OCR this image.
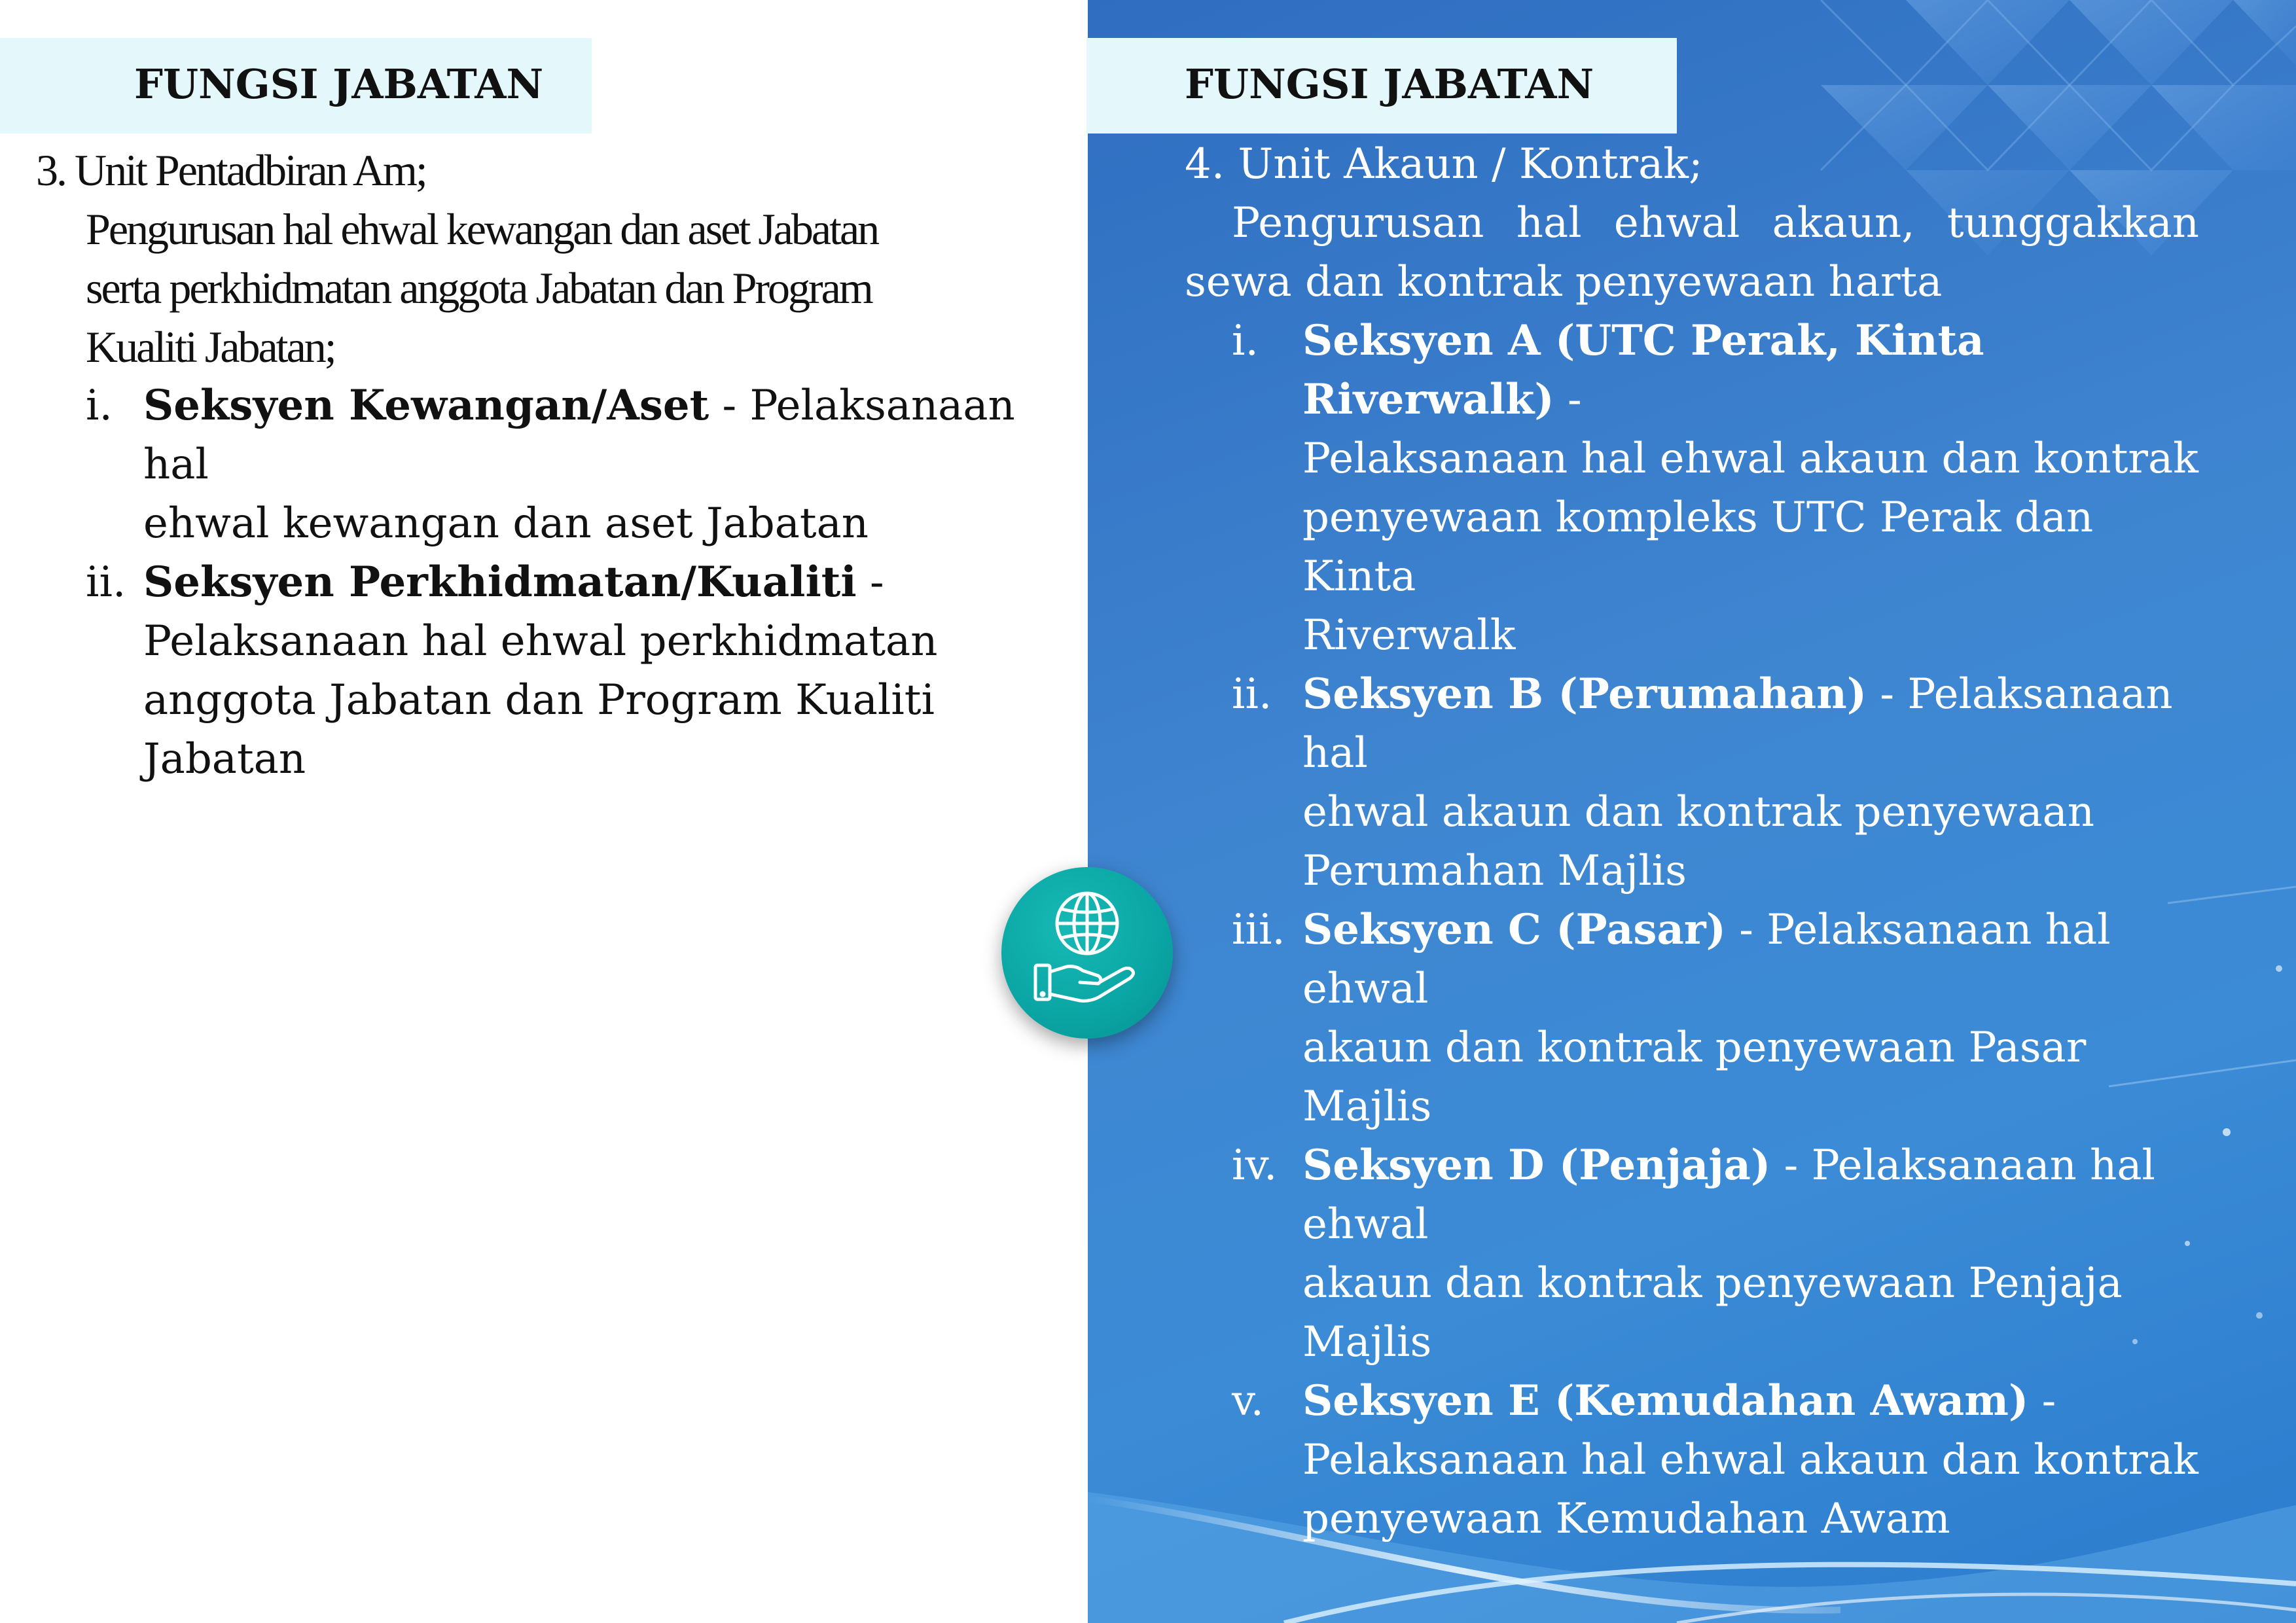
FUNGSI JABATAN	FUNGSI JABATAN
3. Unit Pentadbiran Am;
Pengurusan hal ehwal kewangan dan aset Jabatan
serta perkhidmatan anggota Jabatan dan Program
Kualiti Jabatan;
i. Seksyen Kewangan/Aset - Pelaksanaan hal
ehwal kewangan dan aset Jabatan
ii. Seksyen Perkhidmatan/Kualiti -
Pelaksanaan hal ehwal perkhidmatan
anggota Jabatan dan Program Kualiti
Jabatan
4. Unit Akaun / Kontrak;
Pengurusan hal ehwal akaun, tunggakkan sewa dan kontrak penyewaan harta
i.	Seksyen A (UTC Perak, Kinta Riverwalk) -
Pelaksanaan hal ehwal akaun dan kontrak
penyewaan kompleks UTC Perak dan Kinta
Riverwalk
ii. Seksyen B (Perumahan) - Pelaksanaan hal
ehwal akaun dan kontrak penyewaan
Perumahan Majlis
iii. Seksyen C (Pasar) - Pelaksanaan hal ehwal
akaun dan kontrak penyewaan Pasar Majlis
iv. Seksyen D (Penjaja) - Pelaksanaan hal ehwal
akaun dan kontrak penyewaan Penjaja Majlis
v. Seksyen E (Kemudahan Awam) -
Pelaksanaan hal ehwal akaun dan kontrak
penyewaan Kemudahan Awam
